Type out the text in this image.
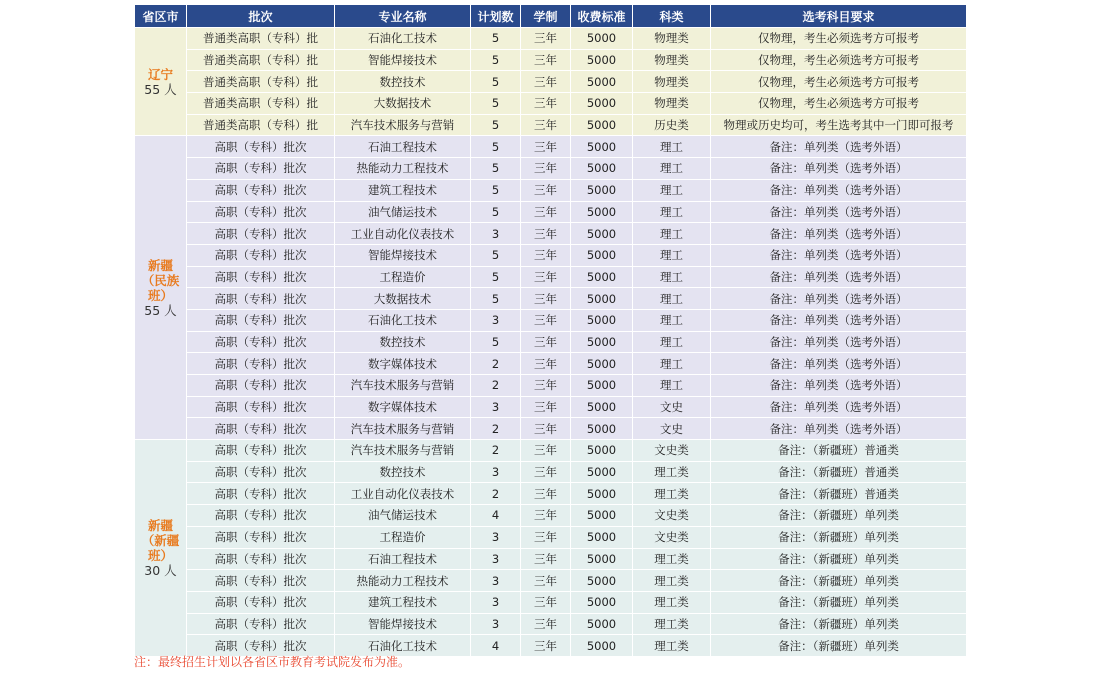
省区市	批次	专业名称	计划数	学制	收费标准	科类	选考科目要求

辽宁
55 人	普通类高职（专科）批	石油化工技术	5	三年	5000	物理类	仅物理，考生必须选考方可报考
	普通类高职（专科）批	智能焊接技术	5	三年	5000	物理类	仅物理，考生必须选考方可报考
	普通类高职（专科）批	数控技术	5	三年	5000	物理类	仅物理，考生必须选考方可报考
	普通类高职（专科）批	大数据技术	5	三年	5000	物理类	仅物理，考生必须选考方可报考
	普通类高职（专科）批	汽车技术服务与营销	5	三年	5000	历史类	物理或历史均可，考生选考其中一门即可报考

新疆
（民族
班）
55 人	高职（专科）批次	石油工程技术	5	三年	5000	理工	备注：单列类（选考外语）
	高职（专科）批次	热能动力工程技术	5	三年	5000	理工	备注：单列类（选考外语）
	高职（专科）批次	建筑工程技术	5	三年	5000	理工	备注：单列类（选考外语）
	高职（专科）批次	油气储运技术	5	三年	5000	理工	备注：单列类（选考外语）
	高职（专科）批次	工业自动化仪表技术	3	三年	5000	理工	备注：单列类（选考外语）
	高职（专科）批次	智能焊接技术	5	三年	5000	理工	备注：单列类（选考外语）
	高职（专科）批次	工程造价	5	三年	5000	理工	备注：单列类（选考外语）
	高职（专科）批次	大数据技术	5	三年	5000	理工	备注：单列类（选考外语）
	高职（专科）批次	石油化工技术	3	三年	5000	理工	备注：单列类（选考外语）
	高职（专科）批次	数控技术	5	三年	5000	理工	备注：单列类（选考外语）
	高职（专科）批次	数字媒体技术	2	三年	5000	理工	备注：单列类（选考外语）
	高职（专科）批次	汽车技术服务与营销	2	三年	5000	理工	备注：单列类（选考外语）
	高职（专科）批次	数字媒体技术	3	三年	5000	文史	备注：单列类（选考外语）
	高职（专科）批次	汽车技术服务与营销	2	三年	5000	文史	备注：单列类（选考外语）

新疆
（新疆
班）
30 人	高职（专科）批次	汽车技术服务与营销	2	三年	5000	文史类	备注：（新疆班）普通类
	高职（专科）批次	数控技术	3	三年	5000	理工类	备注：（新疆班）普通类
	高职（专科）批次	工业自动化仪表技术	2	三年	5000	理工类	备注：（新疆班）普通类
	高职（专科）批次	油气储运技术	4	三年	5000	文史类	备注：（新疆班）单列类
	高职（专科）批次	工程造价	3	三年	5000	文史类	备注：（新疆班）单列类
	高职（专科）批次	石油工程技术	3	三年	5000	理工类	备注：（新疆班）单列类
	高职（专科）批次	热能动力工程技术	3	三年	5000	理工类	备注：（新疆班）单列类
	高职（专科）批次	建筑工程技术	3	三年	5000	理工类	备注：（新疆班）单列类
	高职（专科）批次	智能焊接技术	3	三年	5000	理工类	备注：（新疆班）单列类
	高职（专科）批次	石油化工技术	4	三年	5000	理工类	备注：（新疆班）单列类
注：最终招生计划以各省区市教育考试院发布为准。
